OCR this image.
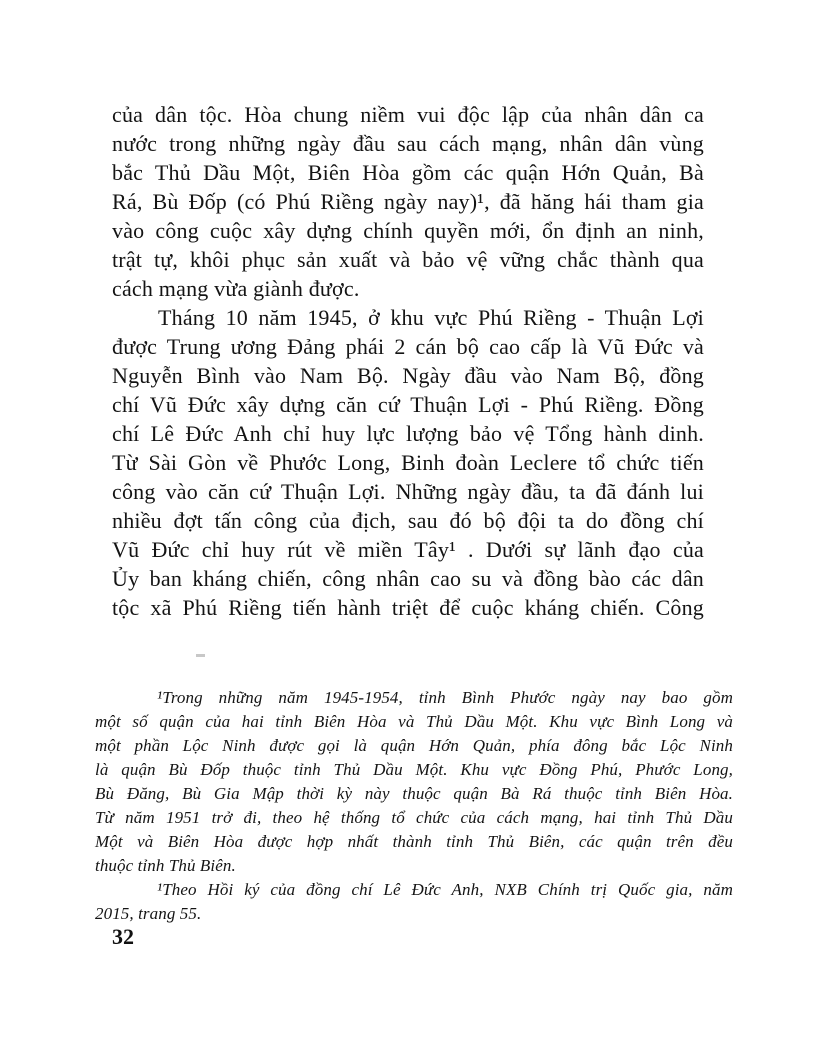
của dân tộc. Hòa chung niềm vui độc lập của nhân dân ca
nước trong những ngày đầu sau cách mạng, nhân dân vùng
bắc Thủ Dầu Một, Biên Hòa gồm các quận Hớn Quản, Bà
Rá, Bù Đốp (có Phú Riềng ngày nay)¹, đã hăng hái tham gia
vào công cuộc xây dựng chính quyền mới, ổn định an ninh,
trật tự, khôi phục sản xuất và bảo vệ vững chắc thành qua
cách mạng vừa giành được.
Tháng 10 năm 1945, ở khu vực Phú Riềng - Thuận Lợi
được Trung ương Đảng phái 2 cán bộ cao cấp là Vũ Đức và
Nguyễn Bình vào Nam Bộ. Ngày đầu vào Nam Bộ, đồng
chí Vũ Đức xây dựng căn cứ Thuận Lợi - Phú Riềng. Đồng
chí Lê Đức Anh chỉ huy lực lượng bảo vệ Tổng hành dinh.
Từ Sài Gòn về Phước Long, Binh đoàn Leclere tổ chức tiến
công vào căn cứ Thuận Lợi. Những ngày đầu, ta đã đánh lui
nhiều đợt tấn công của địch, sau đó bộ đội ta do đồng chí
Vũ Đức chỉ huy rút về miền Tây¹ . Dưới sự lãnh đạo của
Ủy ban kháng chiến, công nhân cao su và đồng bào các dân
tộc xã Phú Riềng tiến hành triệt để cuộc kháng chiến. Công
¹Trong những năm 1945-1954, tỉnh Bình Phước ngày nay bao gồm
một số quận của hai tỉnh Biên Hòa và Thủ Dầu Một. Khu vực Bình Long và
một phần Lộc Ninh được gọi là quận Hớn Quản, phía đông bắc Lộc Ninh
là quận Bù Đốp thuộc tỉnh Thủ Dầu Một. Khu vực Đồng Phú, Phước Long,
Bù Đăng, Bù Gia Mập thời kỳ này thuộc quận Bà Rá thuộc tỉnh Biên Hòa.
Từ năm 1951 trở đi, theo hệ thống tổ chức của cách mạng, hai tỉnh Thủ Dầu
Một và Biên Hòa được hợp nhất thành tỉnh Thủ Biên, các quận trên đều
thuộc tỉnh Thủ Biên.
¹Theo Hồi ký của đồng chí Lê Đức Anh, NXB Chính trị Quốc gia, năm
2015, trang 55.
32
